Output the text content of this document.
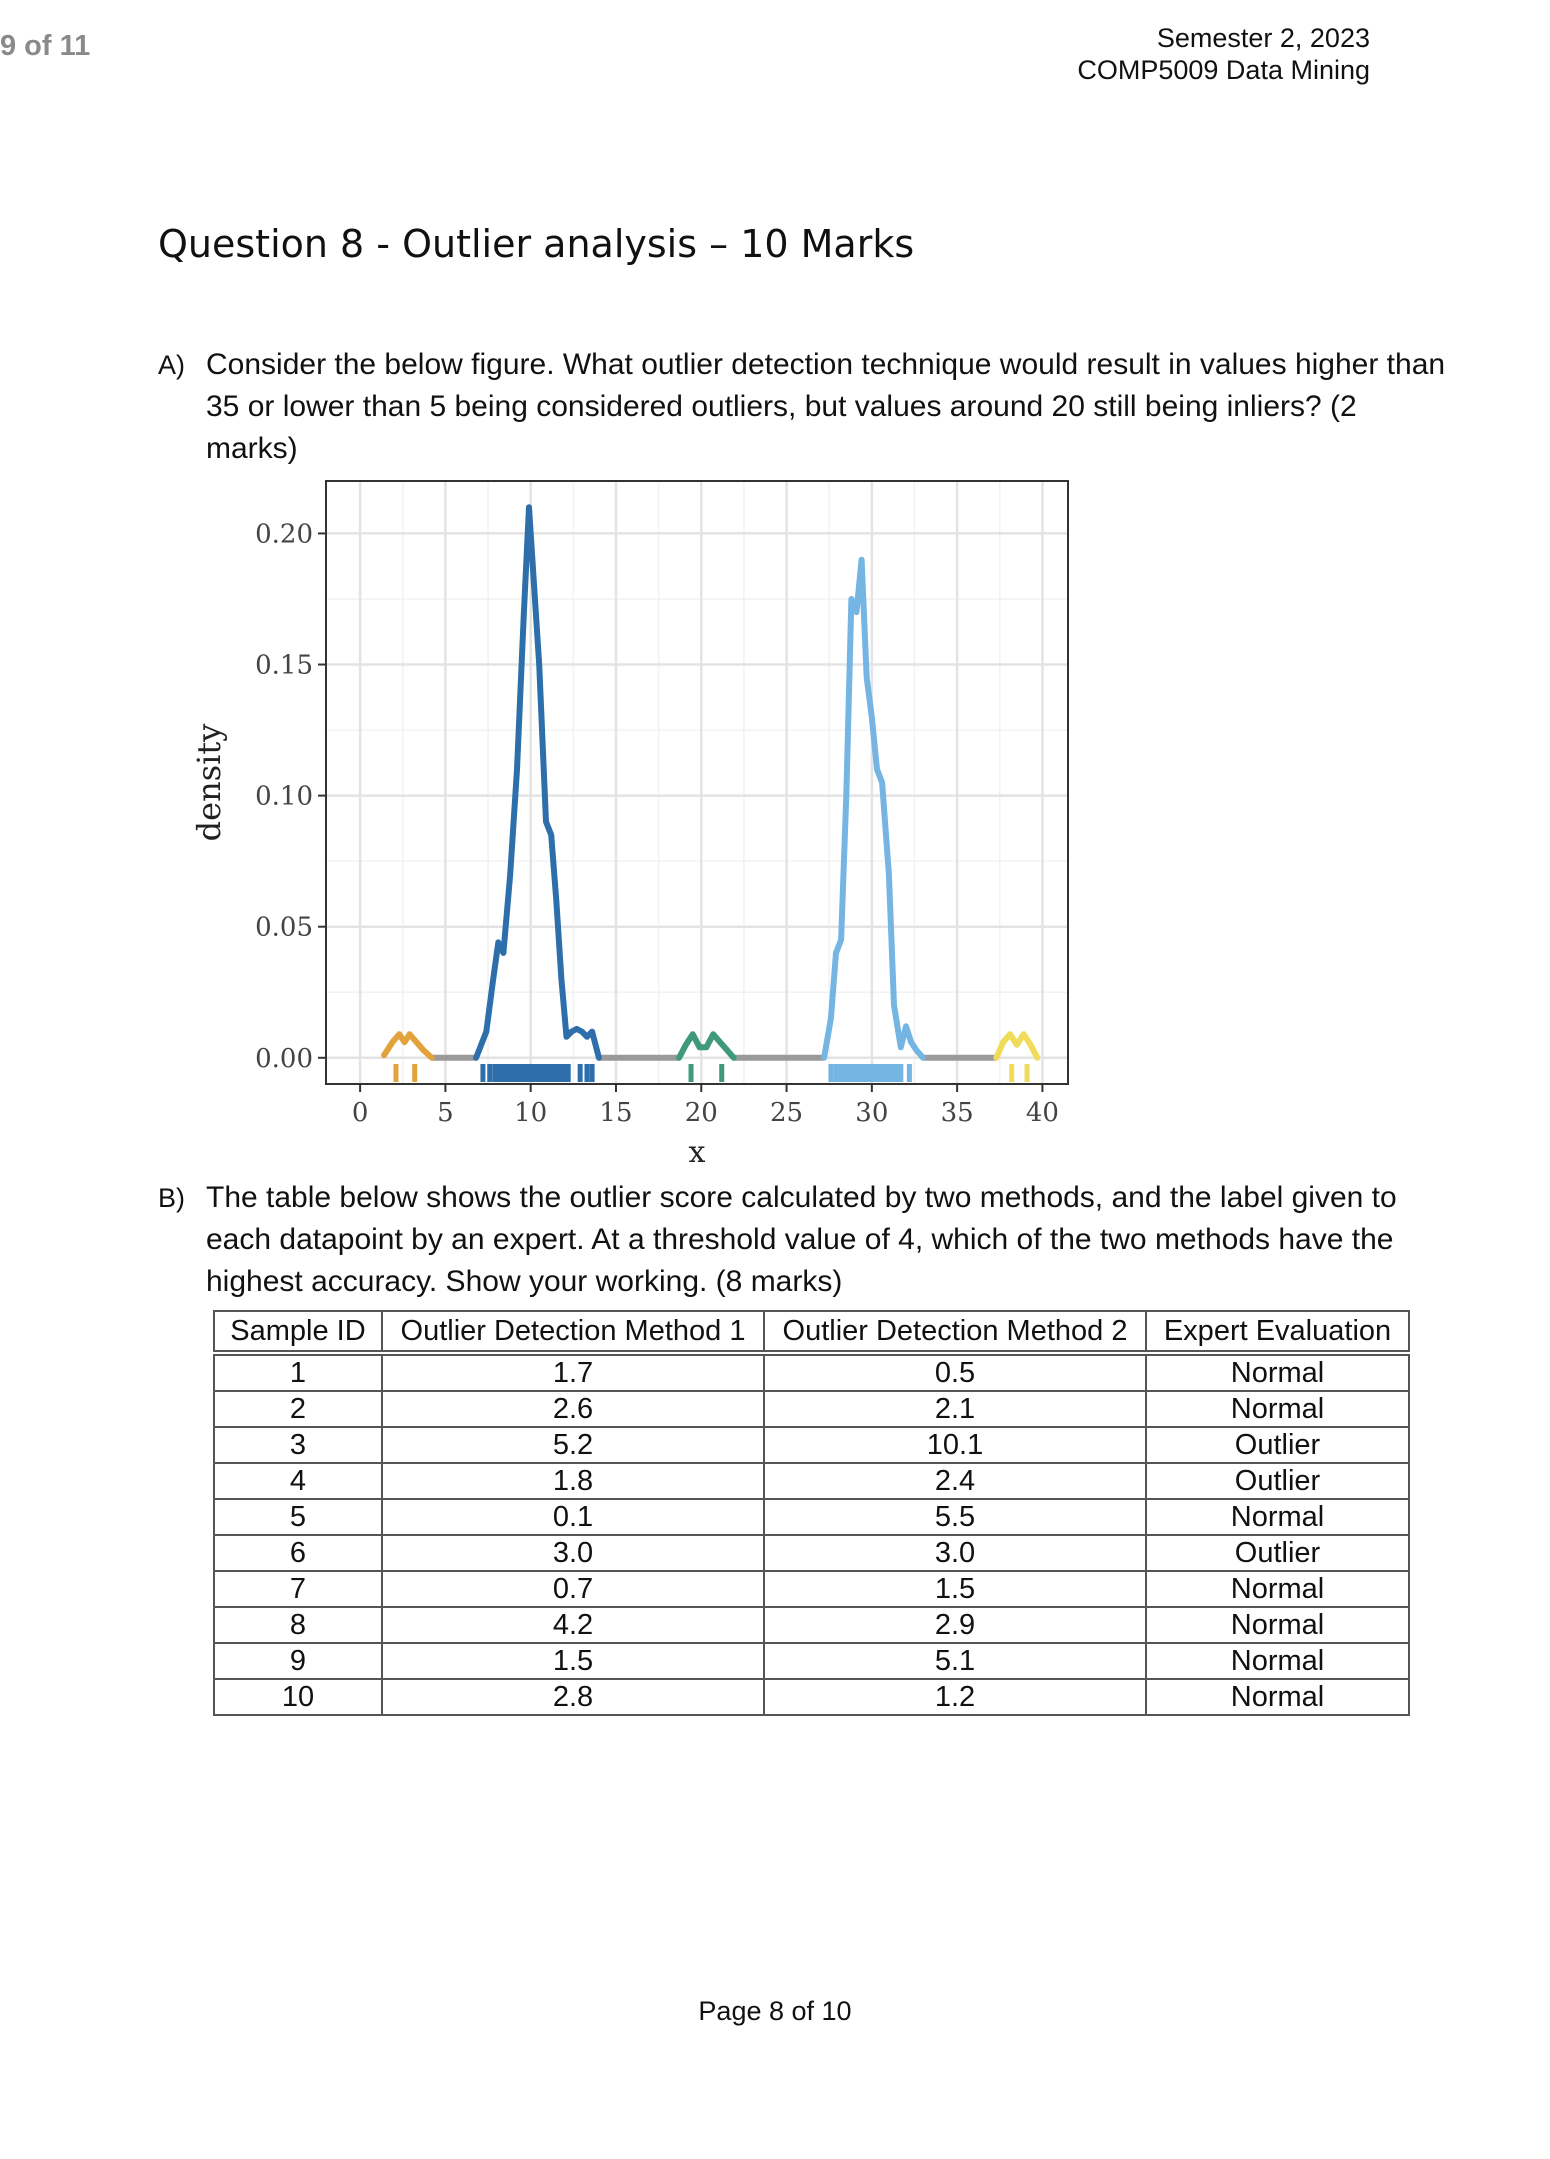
9 of 11	Semester 2, 2023
COMP5009 Data Mining
Question 8 - Outlier analysis – 10 Marks
A) Consider the below figure. What outlier detection technique would result in values higher than 35 or lower than 5 being considered outliers, but values around 20 still being inliers? (2 marks)
0	5 10 15 20 25 30 35 40
0.00
0.05
0.10
0.15
0.20
x
density
B) The table below shows the outlier score calculated by two methods, and the label given to each datapoint by an expert. At a threshold value of 4, which of the two methods have the highest accuracy. Show your working. (8 marks)
Sample ID	Outlier Detection Method 1	Outlier Detection Method 2	Expert Evaluation
1	1.7	0.5	Normal
2	2.6	2.1	Normal
3	5.2	10.1	Outlier
4	1.8	2.4	Outlier
5	0.1	5.5	Normal
6	3.0	3.0	Outlier
7	0.7	1.5	Normal
8	4.2	2.9	Normal
9	1.5	5.1	Normal
10	2.8	1.2	Normal
Page 8 of 10
